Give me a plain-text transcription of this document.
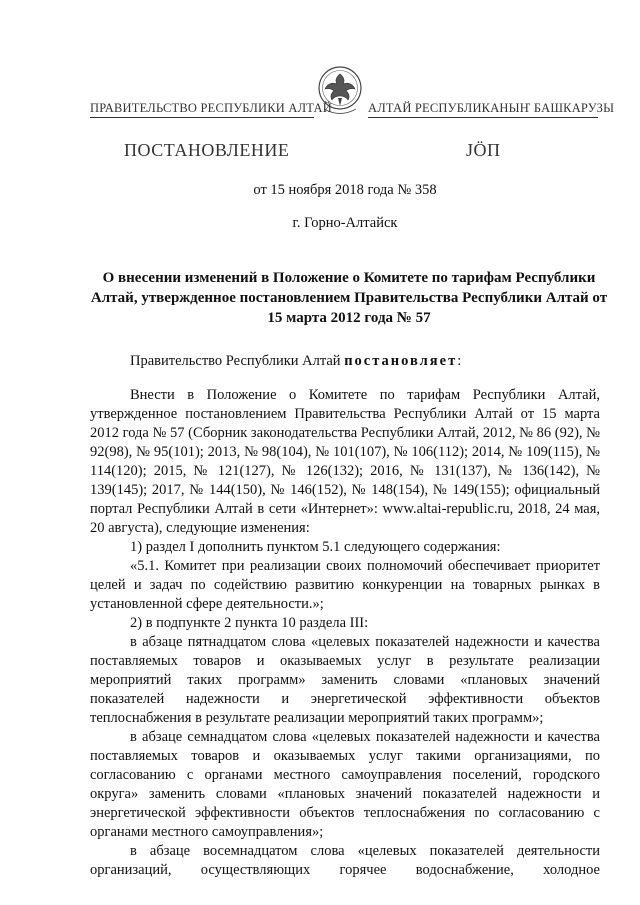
ПРАВИТЕЛЬСТВО РЕСПУБЛИКИ АЛТАЙ	АЛТАЙ РЕСПУБЛИКАНЫҤ БАШКАРУЗЫ
ПОСТАНОВЛЕНИЕ	ЈӦП
от 15 ноября 2018 года № 358
г. Горно-Алтайск
О внесении изменений в Положение о Комитете по тарифам Республики Алтай, утвержденное постановлением Правительства Республики Алтай от 15 марта 2012 года № 57

Правительство Республики Алтай постановляет:

Внести в Положение о Комитете по тарифам Республики Алтай, утвержденное постановлением Правительства Республики Алтай от 15 марта 2012 года № 57 (Сборник законодательства Республики Алтай, 2012, № 86 (92), № 92(98), № 95(101); 2013, № 98(104), № 101(107), № 106(112); 2014, № 109(115), № 114(120); 2015, № 121(127), № 126(132); 2016, № 131(137), № 136(142), № 139(145); 2017, № 144(150), № 146(152), № 148(154), № 149(155); официальный портал Республики Алтай в сети «Интернет»: www.altai-republic.ru, 2018, 24 мая, 20 августа), следующие изменения:

1) раздел I дополнить пунктом 5.1 следующего содержания:

«5.1. Комитет при реализации своих полномочий обеспечивает приоритет целей и задач по содействию развитию конкуренции на товарных рынках в установленной сфере деятельности.»;

2) в подпункте 2 пункта 10 раздела III:

в абзаце пятнадцатом слова «целевых показателей надежности и качества поставляемых товаров и оказываемых услуг в результате реализации мероприятий таких программ» заменить словами «плановых значений показателей надежности и энергетической эффективности объектов теплоснабжения в результате реализации мероприятий таких программ»;

в абзаце семнадцатом слова «целевых показателей надежности и качества поставляемых товаров и оказываемых услуг такими организациями, по согласованию с органами местного самоуправления поселений, городского округа» заменить словами «плановых значений показателей надежности и энергетической эффективности объектов теплоснабжения по согласованию с органами местного самоуправления»;

в абзаце восемнадцатом слова «целевых показателей деятельности организаций, осуществляющих горячее водоснабжение, холодное
